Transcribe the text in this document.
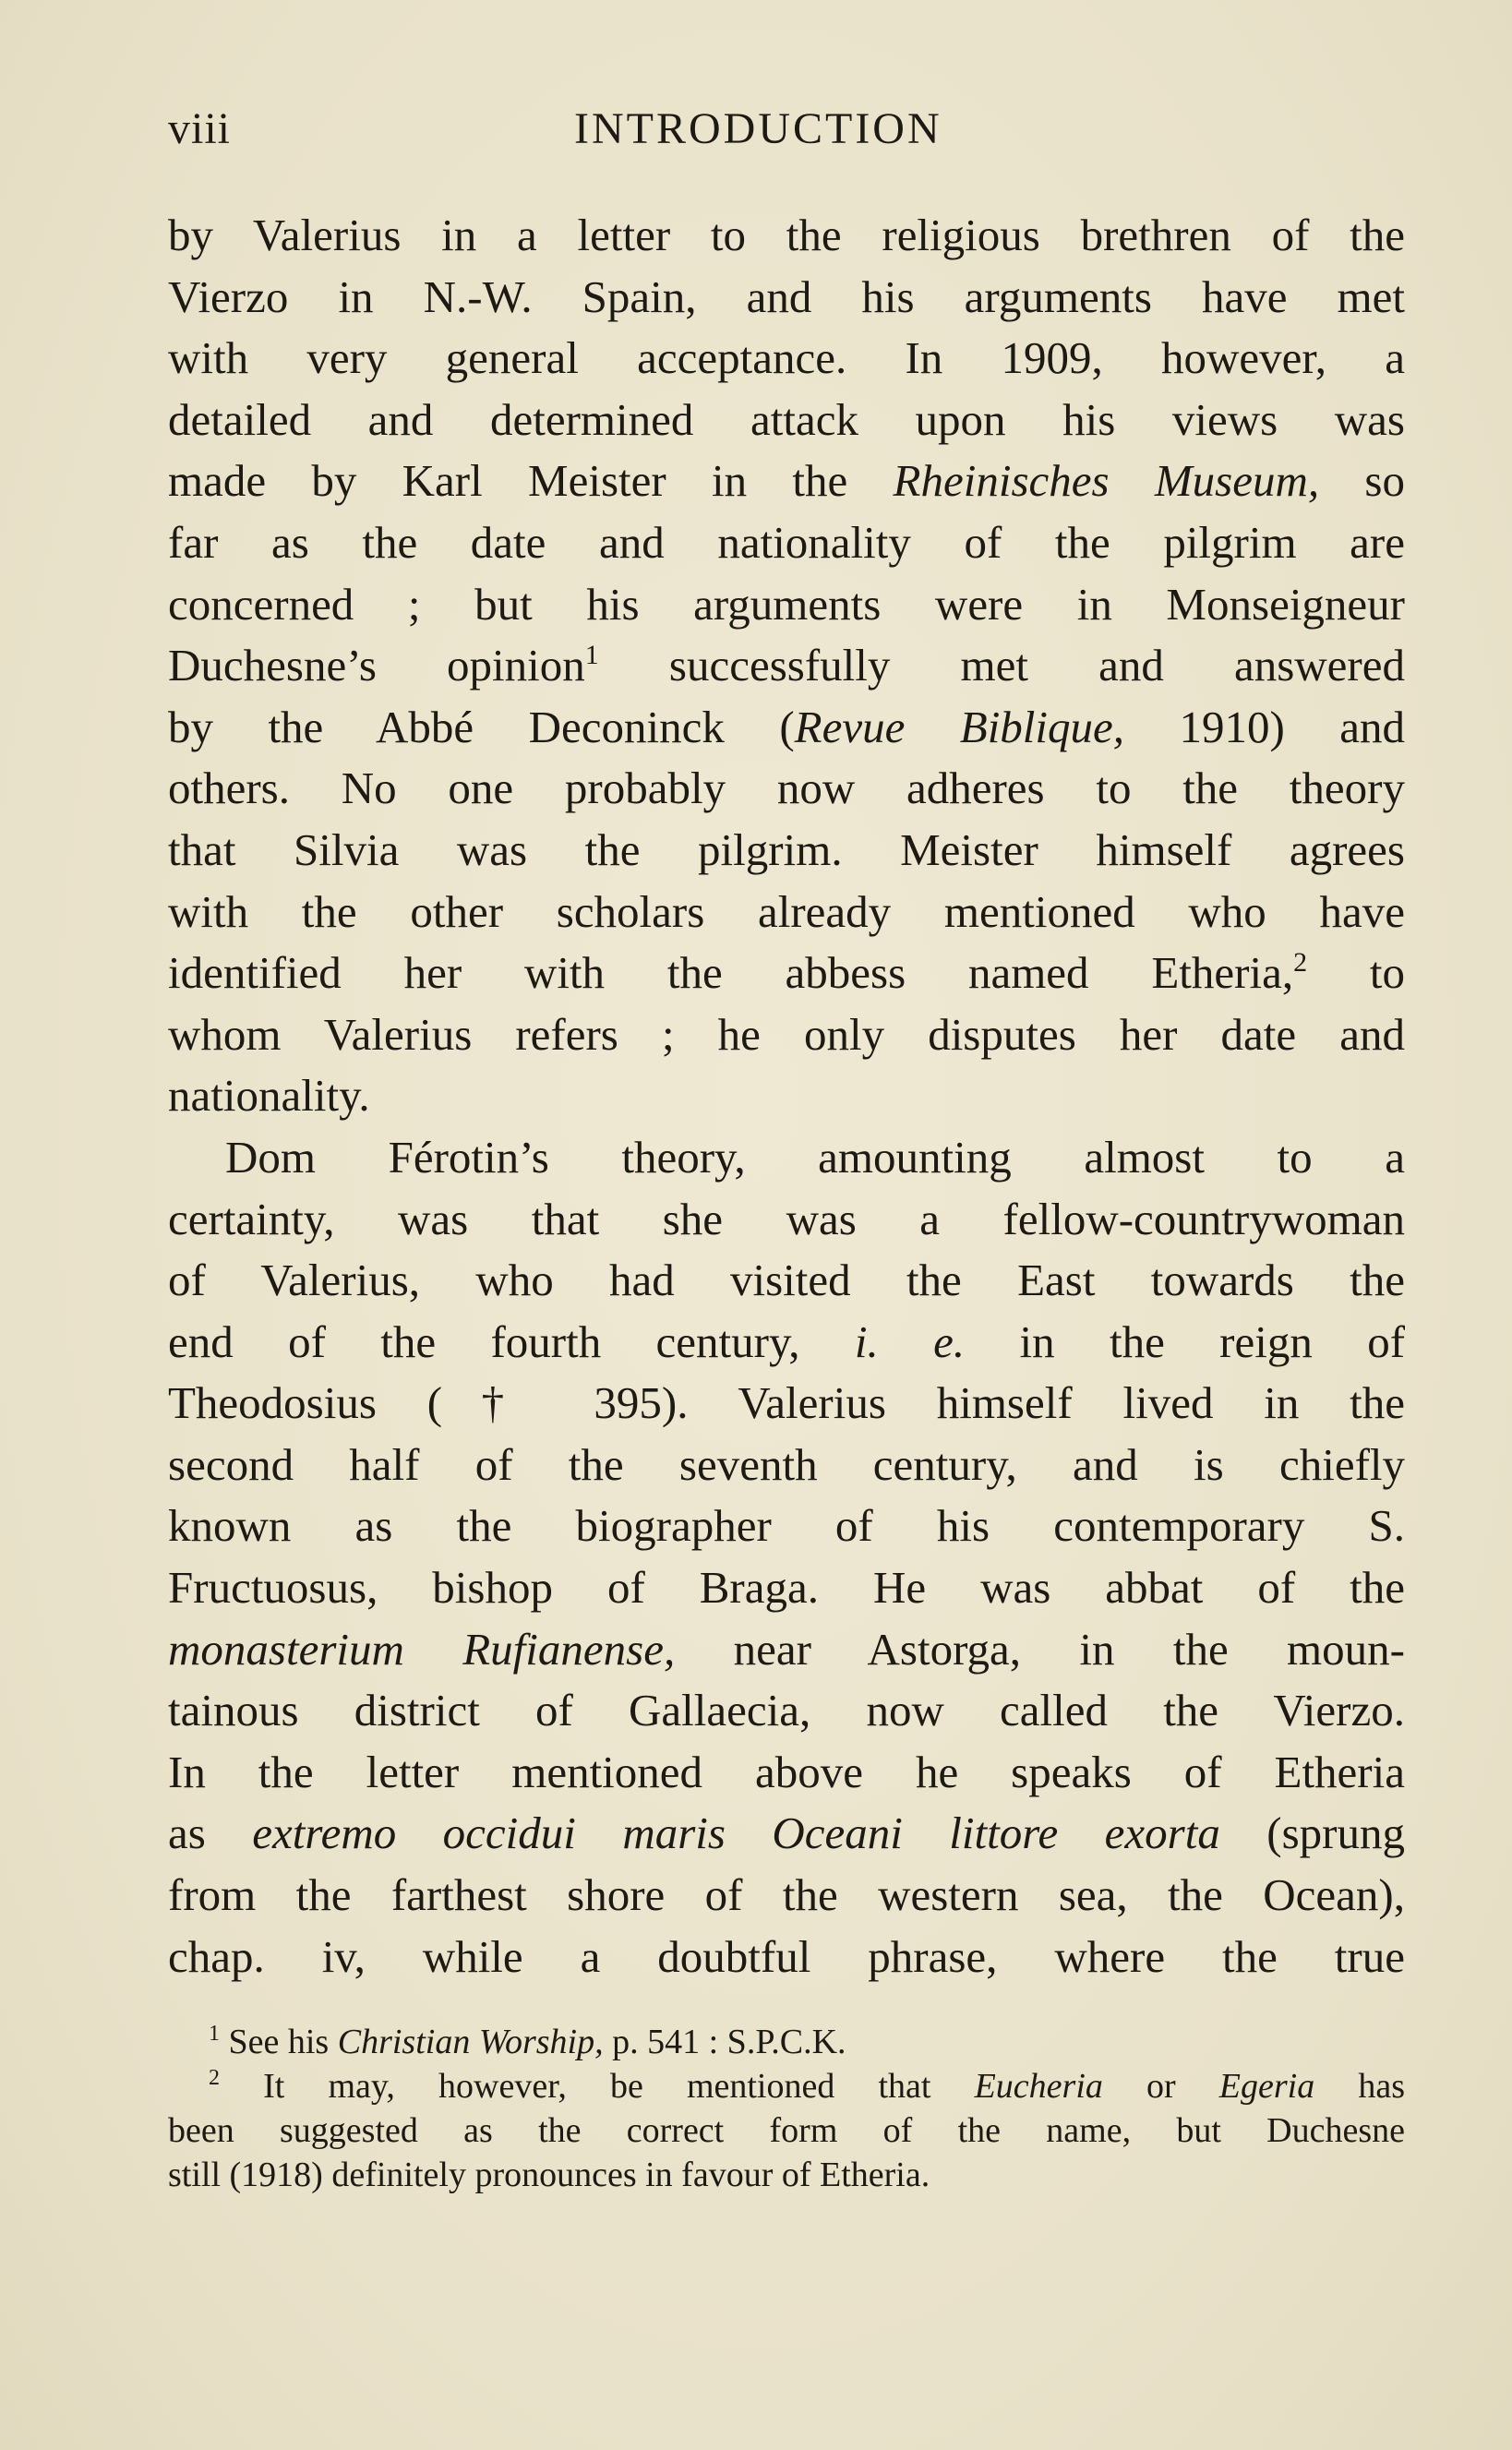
viii	INTRODUCTION
by Valerius in a letter to the religious brethren of the
Vierzo in N.-W. Spain, and his arguments have met
with very general acceptance. In 1909, however, a
detailed and determined attack upon his views was
made by Karl Meister in the Rheinisches Museum, so
far as the date and nationality of the pilgrim are
concerned ; but his arguments were in Monseigneur
Duchesne’s opinion$^1$ successfully met and answered
by the Abbé Deconinck (Revue Biblique, 1910) and
others. No one probably now adheres to the theory
that Silvia was the pilgrim. Meister himself agrees
with the other scholars already mentioned who have
identified her with the abbess named Etheria,$^2$ to
whom Valerius refers ; he only disputes her date and
nationality.
Dom Férotin’s theory, amounting almost to a
certainty, was that she was a fellow-countrywoman
of Valerius, who had visited the East towards the
end of the fourth century, i. e. in the reign of
Theodosius († 395). Valerius himself lived in the
second half of the seventh century, and is chiefly
known as the biographer of his contemporary S.
Fructuosus, bishop of Braga. He was abbat of the
monasterium Rufianense, near Astorga, in the moun-
tainous district of Gallaecia, now called the Vierzo.
In the letter mentioned above he speaks of Etheria
as extremo occidui maris Oceani littore exorta (sprung
from the farthest shore of the western sea, the Ocean),
chap. iv, while a doubtful phrase, where the true
$^1$ See his Christian Worship, p. 541 : S.P.C.K.
$^2$ It may, however, be mentioned that Eucheria or Egeria has
been suggested as the correct form of the name, but Duchesne
still (1918) definitely pronounces in favour of Etheria.
